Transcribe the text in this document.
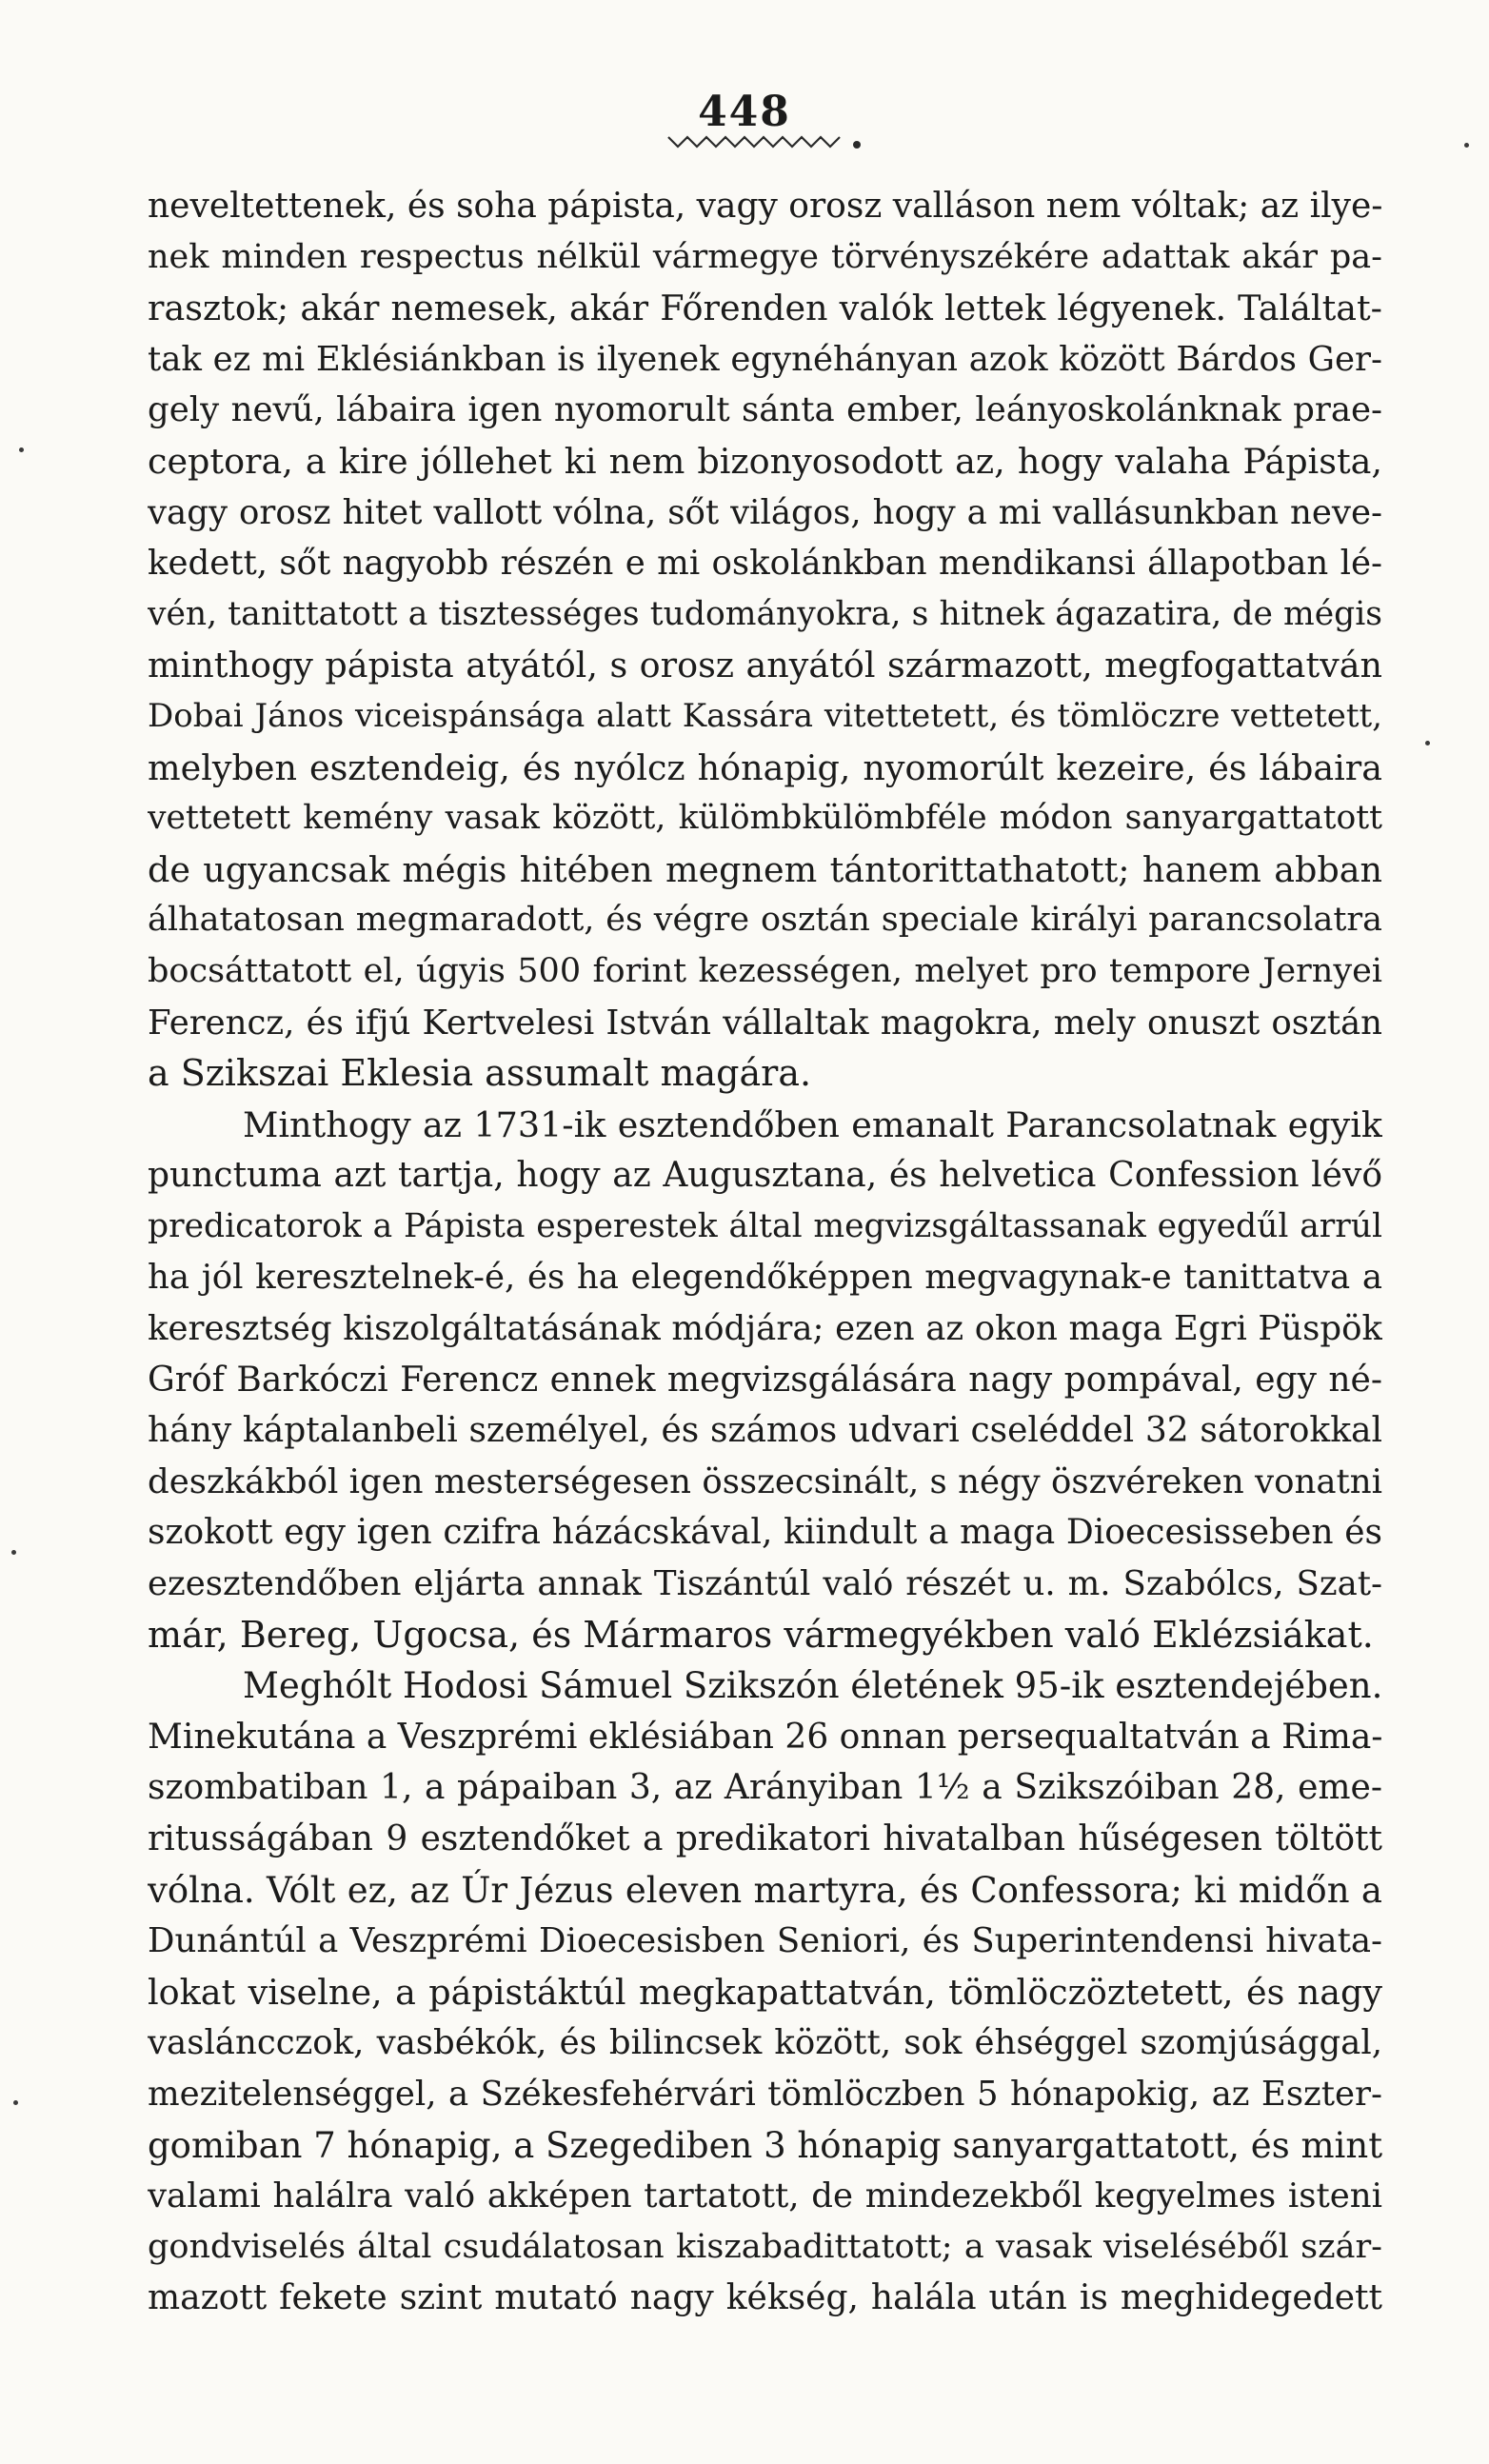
448
neveltettenek, és soha pápista, vagy orosz valláson nem vóltak; az ilye-
nek minden respectus nélkül vármegye törvényszékére adattak akár pa-
rasztok; akár nemesek, akár Főrenden valók lettek légyenek. Találtat-
tak ez mi Eklésiánkban is ilyenek egynéhányan azok között Bárdos Ger-
gely nevű, lábaira igen nyomorult sánta ember, leányoskolánknak prae-
ceptora, a kire jóllehet ki nem bizonyosodott az, hogy valaha Pápista,
vagy orosz hitet vallott vólna, sőt világos, hogy a mi vallásunkban neve-
kedett, sőt nagyobb részén e mi oskolánkban mendikansi állapotban lé-
vén, tanittatott a tisztességes tudományokra, s hitnek ágazatira, de mégis
minthogy pápista atyától, s orosz anyától származott, megfogattatván
Dobai János viceispánsága alatt Kassára vitettetett, és tömlöczre vettetett,
melyben esztendeig, és nyólcz hónapig, nyomorúlt kezeire, és lábaira
vettetett kemény vasak között, külömbkülömbféle módon sanyargattatott
de ugyancsak mégis hitében megnem tántorittathatott; hanem abban
álhatatosan megmaradott, és végre osztán speciale királyi parancsolatra
bocsáttatott el, úgyis 500 forint kezességen, melyet pro tempore Jernyei
Ferencz, és ifjú Kertvelesi István vállaltak magokra, mely onuszt osztán
a Szikszai Eklesia assumalt magára.
Minthogy az 1731-ik esztendőben emanalt Parancsolatnak egyik
punctuma azt tartja, hogy az Augusztana, és helvetica Confession lévő
predicatorok a Pápista esperestek által megvizsgáltassanak egyedűl arrúl
ha jól keresztelnek-é, és ha elegendőképpen megvagynak-e tanittatva a
keresztség kiszolgáltatásának módjára; ezen az okon maga Egri Püspök
Gróf Barkóczi Ferencz ennek megvizsgálására nagy pompával, egy né-
hány káptalanbeli személyel, és számos udvari cseléddel 32 sátorokkal
deszkákból igen mesterségesen összecsinált, s négy öszvéreken vonatni
szokott egy igen czifra házácskával, kiindult a maga Dioecesisseben és
ezesztendőben eljárta annak Tiszántúl való részét u. m. Szabólcs, Szat-
már, Bereg, Ugocsa, és Mármaros vármegyékben való Eklézsiákat.
Meghólt Hodosi Sámuel Szikszón életének 95-ik esztendejében.
Minekutána a Veszprémi eklésiában 26 onnan persequaltatván a Rima-
szombatiban 1, a pápaiban 3, az Arányiban 1½ a Szikszóiban 28, eme-
ritusságában 9 esztendőket a predikatori hivatalban hűségesen töltött
vólna. Vólt ez, az Úr Jézus eleven martyra, és Confessora; ki midőn a
Dunántúl a Veszprémi Dioecesisben Seniori, és Superintendensi hivata-
lokat viselne, a pápistáktúl megkapattatván, tömlöczöztetett, és nagy
vasláncczok, vasbékók, és bilincsek között, sok éhséggel szomjúsággal,
mezitelenséggel, a Székesfehérvári tömlöczben 5 hónapokig, az Eszter-
gomiban 7 hónapig, a Szegediben 3 hónapig sanyargattatott, és mint
valami halálra való akképen tartatott, de mindezekből kegyelmes isteni
gondviselés által csudálatosan kiszabadittatott; a vasak viseléséből szár-
mazott fekete szint mutató nagy kékség, halála után is meghidegedett
